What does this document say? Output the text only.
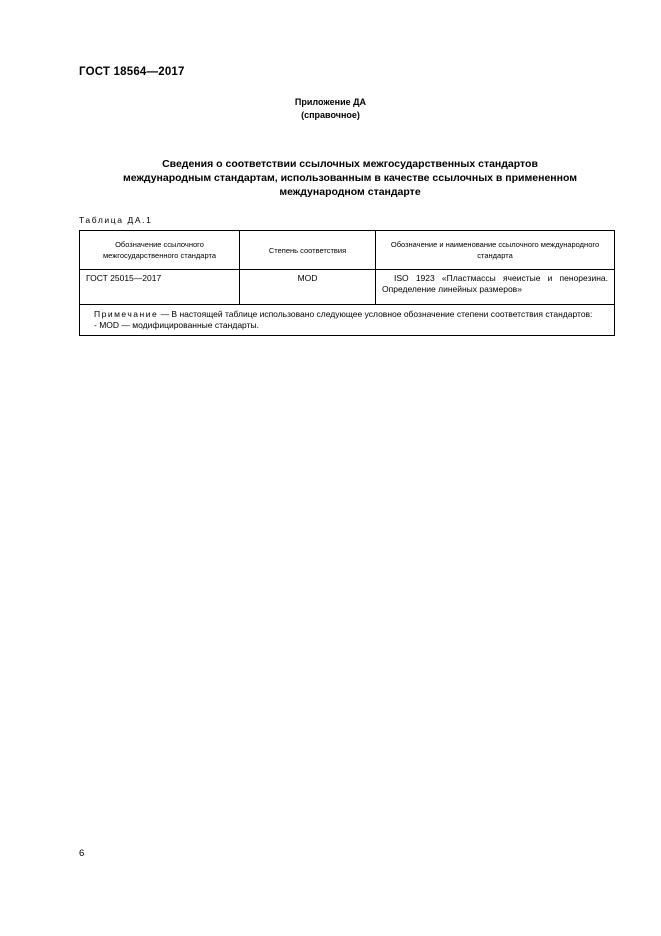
ГОСТ 18564—2017
Приложение ДА
(справочное)
Сведения о соответствии ссылочных межгосударственных стандартов
международным стандартам, использованным в качестве ссылочных в примененном
международном стандарте
Таблица ДА.1
Обозначение ссылочного межгосударственного стандарта	Степень соответствия	Обозначение и наименование ссылочного международного стандарта
ГОСТ 25015—2017	MOD	ISO 1923 «Пластмассы ячеистые и пенорезина. Определение линейных размеров»

Примечание — В настоящей таблице использовано следующее условное обозначение степени соответствия стандартов:
- MOD — модифицированные стандарты.		
6
